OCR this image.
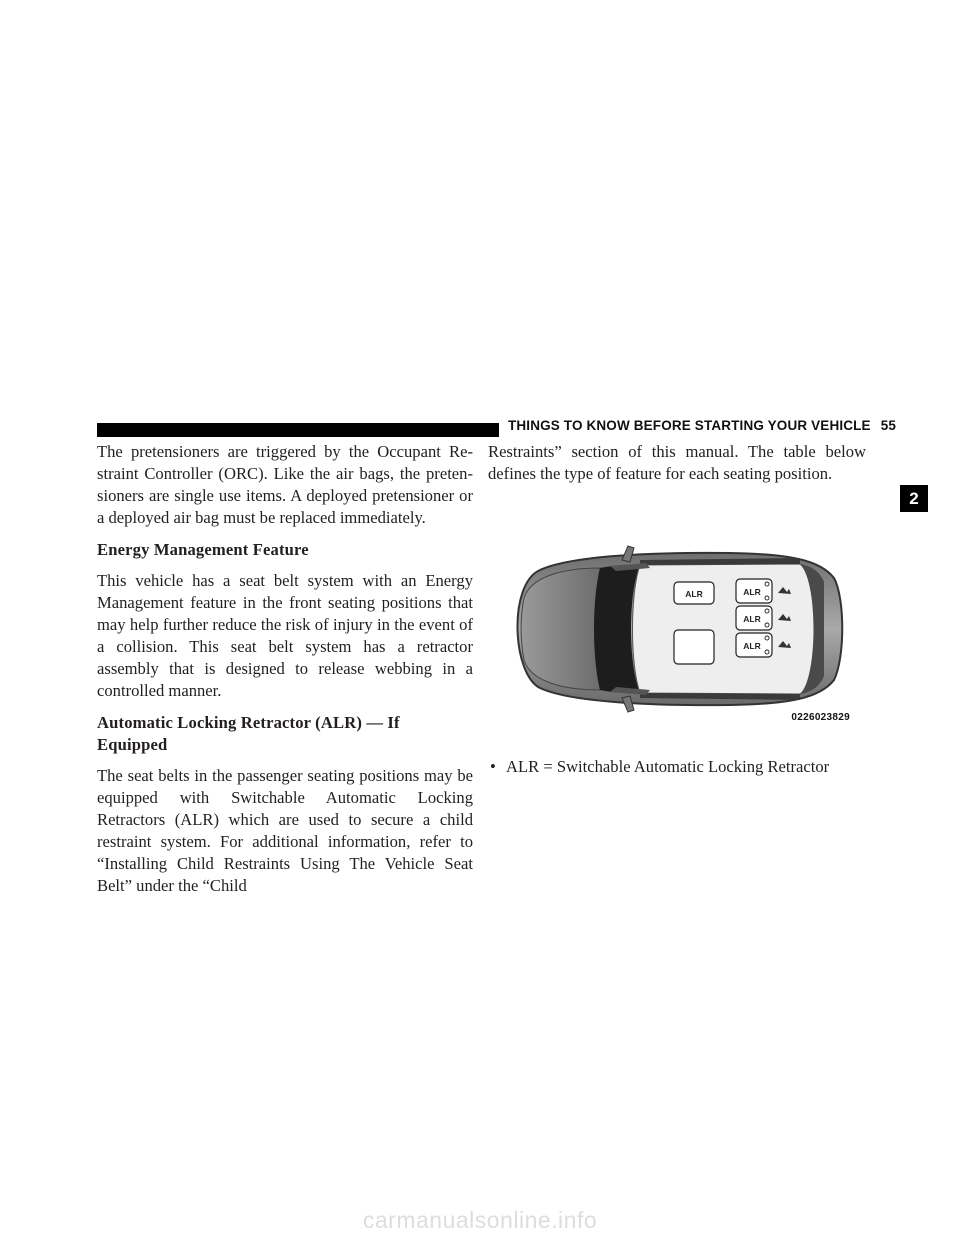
THINGS TO KNOW BEFORE STARTING YOUR VEHICLE 55
2

The pretensioners are triggered by the Occupant Re-straint Controller (ORC). Like the air bags, the preten-sioners are single use items. A deployed pretensioner or a deployed air bag must be replaced immediately.

Energy Management Feature

This vehicle has a seat belt system with an Energy Management feature in the front seating positions that may help further reduce the risk of injury in the event of a collision. This seat belt system has a retractor assembly that is designed to release webbing in a controlled manner.

Automatic Locking Retractor (ALR) — If Equipped

The seat belts in the passenger seating positions may be equipped with Switchable Automatic Locking Retractors (ALR) which are used to secure a child restraint system. For additional information, refer to “Installing Child Restraints Using The Vehicle Seat Belt” under the “Child

Restraints” section of this manual. The table below defines the type of feature for each seating position.

ALR	ALR
ALR
ALR
0226023829
• ALR = Switchable Automatic Locking Retractor
carmanualsonline.info
